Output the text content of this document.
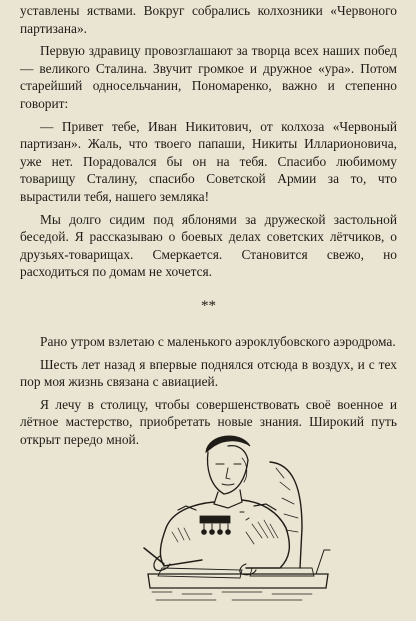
уставлены яствами. Вокруг собрались колхозники «Червоного партизана».

Первую здравицу провозглашают за творца всех наших побед — великого Сталина. Звучит громкое и дружное «ура». Потом старейший односельчанин, Пономаренко, важно и степенно говорит:

— Привет тебе, Иван Никитович, от колхоза «Червоный партизан». Жаль, что твоего папаши, Никиты Илларионовича, уже нет. Порадовался бы он на тебя. Спасибо любимому товарищу Сталину, спасибо Советской Армии за то, что вырастили тебя, нашего земляка!

Мы долго сидим под яблонями за дружеской застольной беседой. Я рассказываю о боевых делах советских лётчиков, о друзьях-товарищах. Смеркается. Становится свежо, но расходиться по домам не хочется.

**

Рано утром взлетаю с маленького аэроклубовского аэродрома.

Шесть лет назад я впервые поднялся отсюда в воздух, и с тех пор моя жизнь связана с авиацией.

Я лечу в столицу, чтобы совершенствовать своё военное и лётное мастерство, приобретать новые знания. Широкий путь открыт передо мной.
